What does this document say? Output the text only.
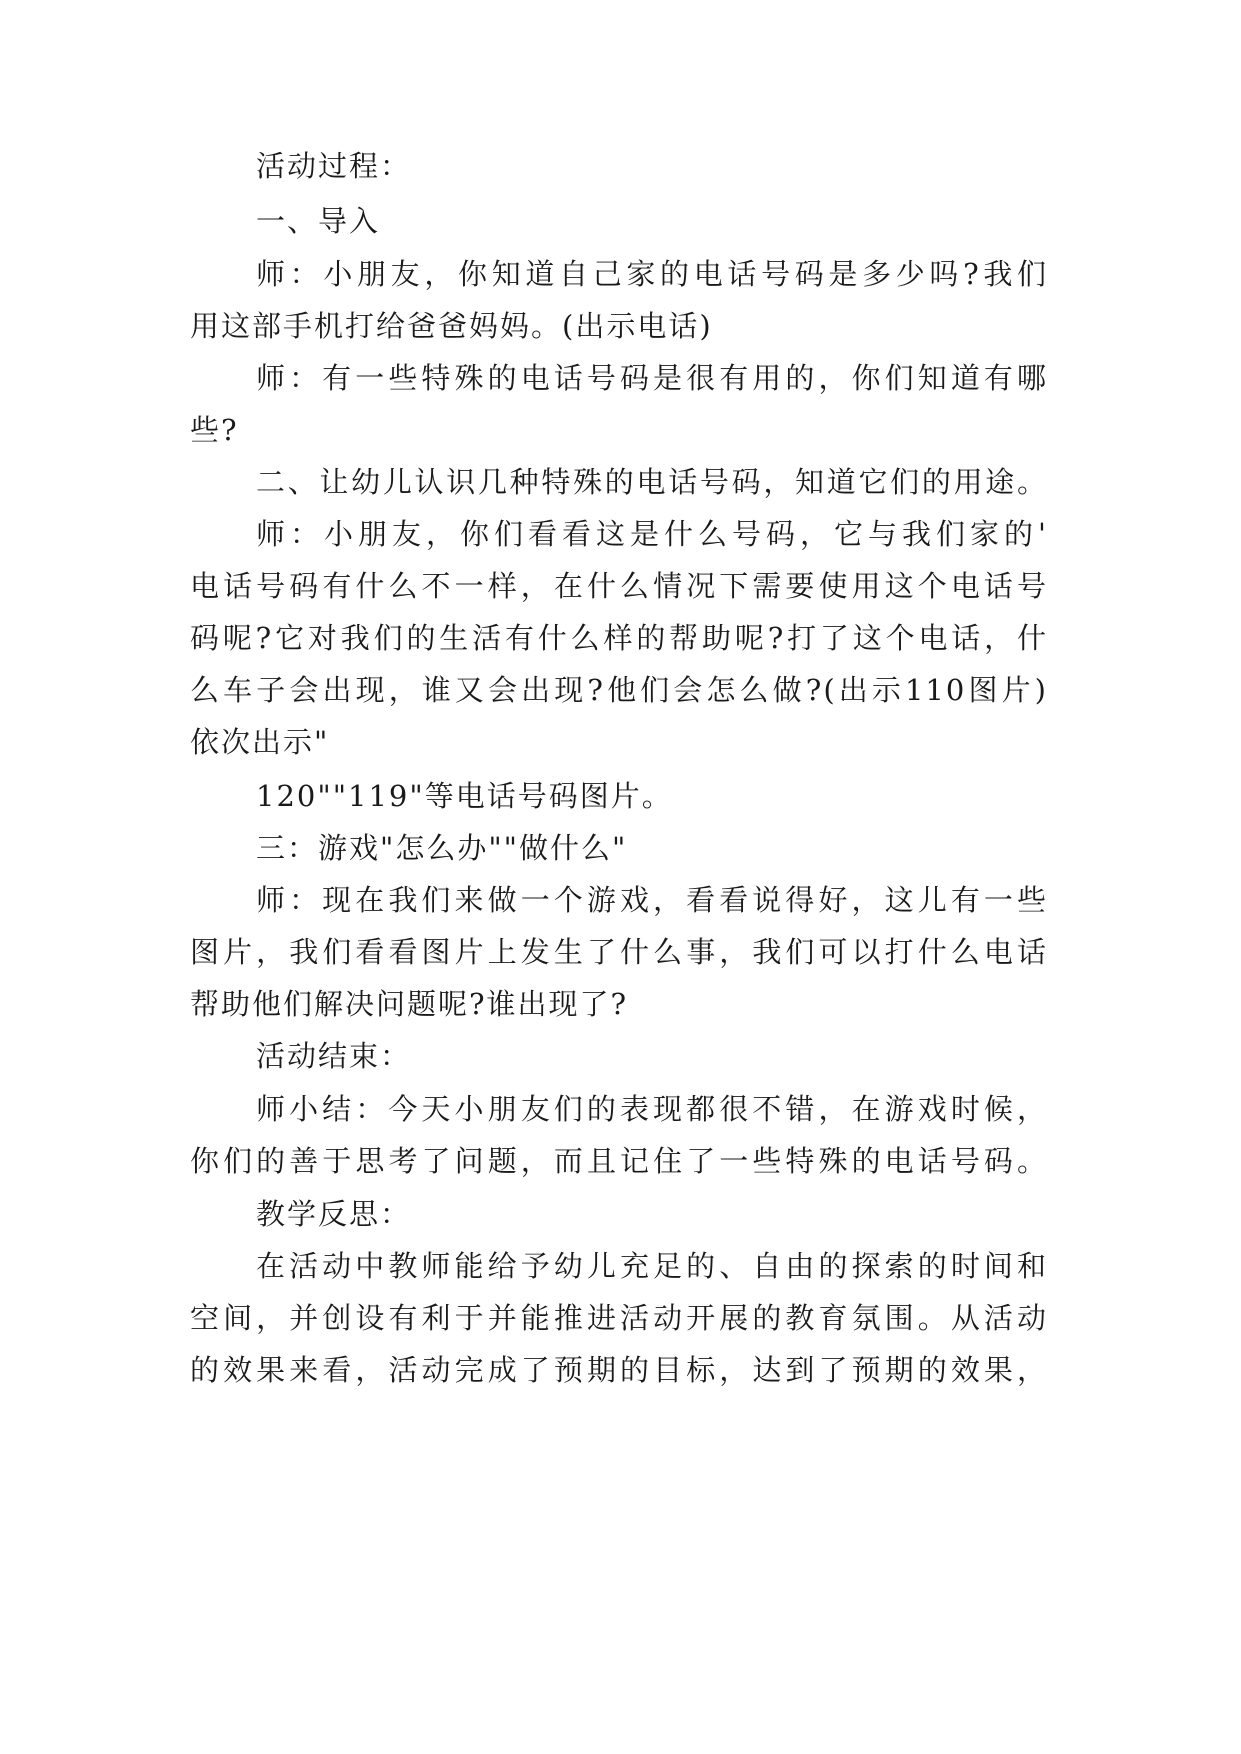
活动过程：
一、导入
师：小朋友，你知道自己家的电话号码是多少吗?我们
用这部手机打给爸爸妈妈。(出示电话)
师：有一些特殊的电话号码是很有用的，你们知道有哪
些?
二、让幼儿认识几种特殊的电话号码，知道它们的用途。
师：小朋友，你们看看这是什么号码，它与我们家的'
电话号码有什么不一样，在什么情况下需要使用这个电话号
码呢?它对我们的生活有什么样的帮助呢?打了这个电话，什
么车子会出现，谁又会出现?他们会怎么做?(出示110图片)
依次出示"
120""119"等电话号码图片。
三：游戏"怎么办""做什么"
师：现在我们来做一个游戏，看看说得好，这儿有一些
图片，我们看看图片上发生了什么事，我们可以打什么电话
帮助他们解决问题呢?谁出现了?
活动结束：
师小结：今天小朋友们的表现都很不错，在游戏时候，
你们的善于思考了问题，而且记住了一些特殊的电话号码。
教学反思：
在活动中教师能给予幼儿充足的、自由的探索的时间和
空间，并创设有利于并能推进活动开展的教育氛围。从活动
的效果来看，活动完成了预期的目标，达到了预期的效果，
